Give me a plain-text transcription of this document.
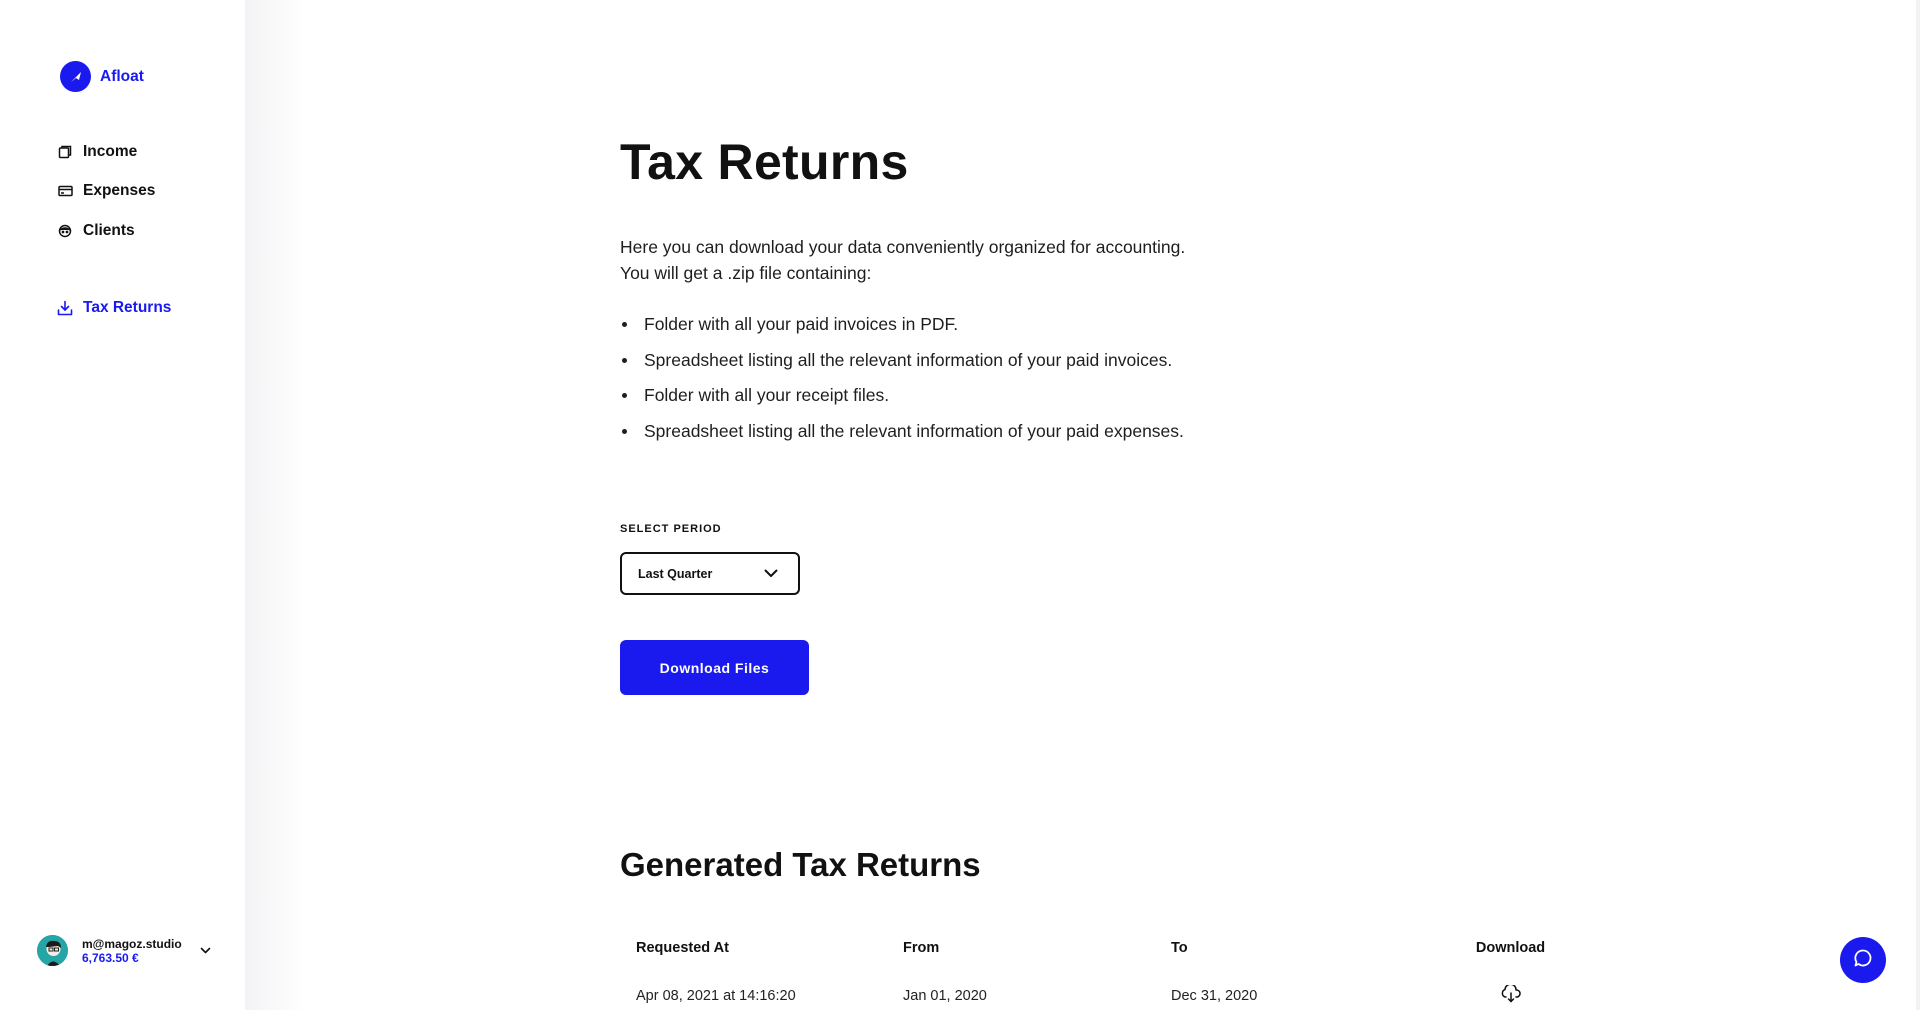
Afloat
Income
Expenses
Clients
Tax Returns
m@magoz.studio
6,763.50 €
Tax Returns
Here you can download your data conveniently organized for accounting.
You will get a .zip file containing:
Folder with all your paid invoices in PDF.
Spreadsheet listing all the relevant information of your paid invoices.
Folder with all your receipt files.
Spreadsheet listing all the relevant information of your paid expenses.
SELECT PERIOD
Last Quarter
Download Files
Generated Tax Returns
Requested At	From	To	Download
Apr 08, 2021 at 14:16:20	Jan 01, 2020	Dec 31, 2020
